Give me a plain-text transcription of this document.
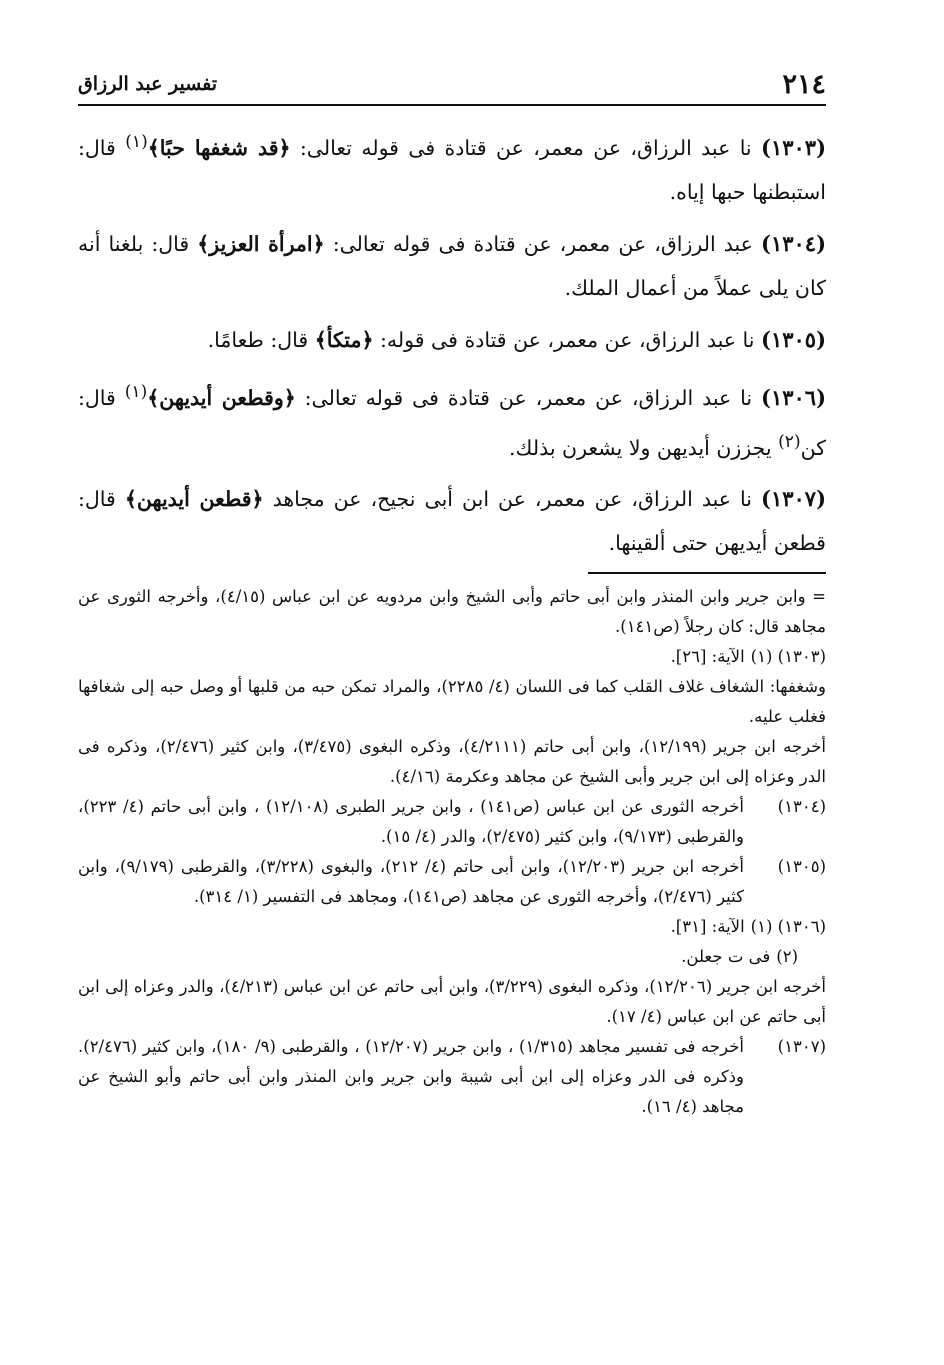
٢١٤
تفسير عبد الرزاق

(١٣٠٣) نا عبد الرزاق، عن معمر، عن قتادة فى قوله تعالى: ﴿قد شغفها حبًا﴾$^{(١)}$ قال: استبطنها حبها إياه.

(١٣٠٤) عبد الرزاق، عن معمر، عن قتادة فى قوله تعالى: ﴿امرأة العزيز﴾ قال: بلغنا أنه كان يلى عملاً من أعمال الملك.

(١٣٠٥) نا عبد الرزاق، عن معمر، عن قتادة فى قوله: ﴿متكأ﴾ قال: طعامًا.

(١٣٠٦) نا عبد الرزاق، عن معمر، عن قتادة فى قوله تعالى: ﴿وقطعن أيديهن﴾$^{(١)}$ قال: كن$^{(٢)}$ يجززن أيديهن ولا يشعرن بذلك.

(١٣٠٧) نا عبد الرزاق، عن معمر، عن ابن أبى نجيح، عن مجاهد ﴿قطعن أيديهن﴾ قال: قطعن أيديهن حتى ألقينها.

= وابن جرير وابن المنذر وابن أبى حاتم وأبى الشيخ وابن مردويه عن ابن عباس (٤/١٥)، وأخرجه الثورى عن مجاهد قال: كان رجلاً (ص١٤١).
(١٣٠٣) (١)
الآية: [٢٦].
وشغفها: الشغاف غلاف القلب كما فى اللسان (٤/ ٢٢٨٥)، والمراد تمكن حبه من قلبها أو وصل حبه إلى شغافها فغلب عليه.
أخرجه ابن جرير (١٢/١٩٩)، وابن أبى حاتم (٤/٢١١١)، وذكره البغوى (٣/٤٧٥)، وابن كثير (٢/٤٧٦)، وذكره فى الدر وعزاه إلى ابن جرير وأبى الشيخ عن مجاهد وعكرمة (٤/١٦).
(١٣٠٤)
أخرجه الثورى عن ابن عباس (ص١٤١) ، وابن جرير الطبرى (١٢/١٠٨) ، وابن أبى حاتم (٤/ ٢٢٣)، والقرطبى (٩/١٧٣)، وابن كثير (٢/٤٧٥)، والدر (٤/ ١٥).
(١٣٠٥)
أخرجه ابن جرير (١٢/٢٠٣)، وابن أبى حاتم (٤/ ٢١٢)، والبغوى (٣/٢٢٨)، والقرطبى (٩/١٧٩)، وابن كثير (٢/٤٧٦)، وأخرجه الثورى عن مجاهد (ص١٤١)، ومجاهد فى التفسير (١/ ٣١٤).
(١٣٠٦) (١)
الآية: [٣١].
(٢)
فى ت جعلن.
أخرجه ابن جرير (١٢/٢٠٦)، وذكره البغوى (٣/٢٢٩)، وابن أبى حاتم عن ابن عباس (٤/٢١٣)، والدر وعزاه إلى ابن أبى حاتم عن ابن عباس (٤/ ١٧).
(١٣٠٧)
أخرجه فى تفسير مجاهد (١/٣١٥) ، وابن جرير (١٢/٢٠٧) ، والقرطبى (٩/ ١٨٠)، وابن كثير (٢/٤٧٦). وذكره فى الدر وعزاه إلى ابن أبى شيبة وابن جرير وابن المنذر وابن أبى حاتم وأبو الشيخ عن مجاهد (٤/ ١٦).
